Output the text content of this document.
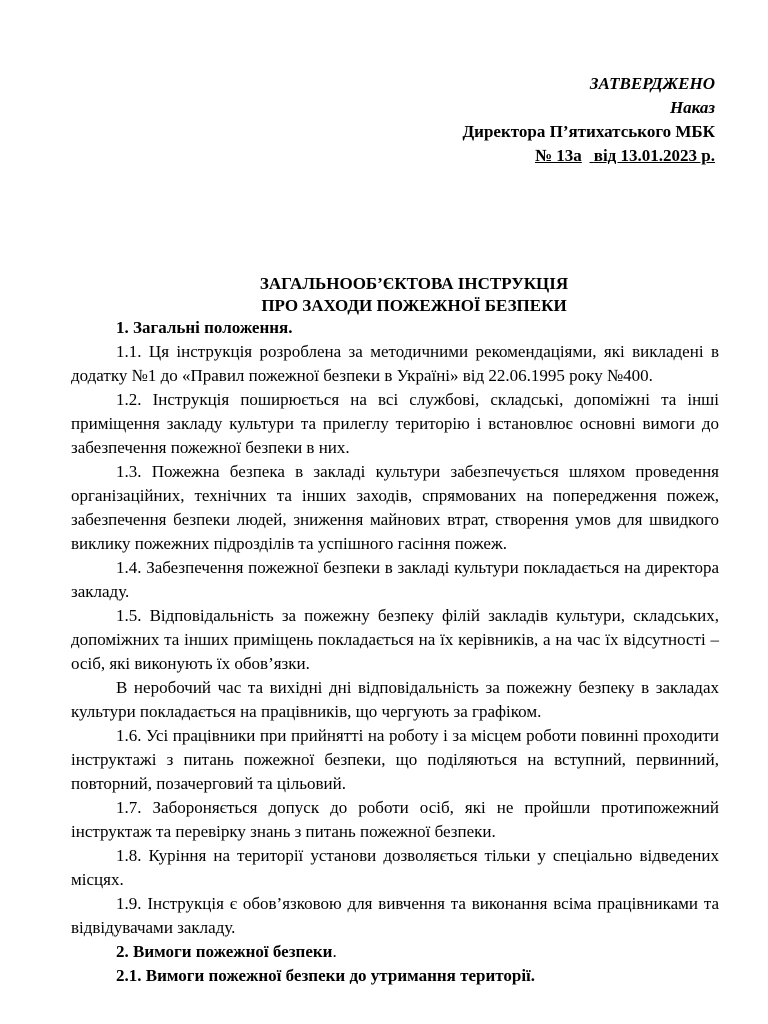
ЗАТВЕРДЖЕНО
Наказ
Директора П’ятихатського МБК
№ 13а від 13.01.2023 р.
ЗАГАЛЬНООБ’ЄКТОВА ІНСТРУКЦІЯ
ПРО ЗАХОДИ ПОЖЕЖНОЇ БЕЗПЕКИ

1. Загальні положення.

1.1. Ця інструкція розроблена за методичними рекомендаціями, які викладені в додатку №1 до «Правил пожежної безпеки в Україні» від 22.06.1995 року №400.

1.2. Інструкція поширюється на всі службові, складські, допоміжні та інші приміщення закладу культури та прилеглу територію і встановлює основні вимоги до забезпечення пожежної безпеки в них.

1.3. Пожежна безпека в закладі культури забезпечується шляхом проведення організаційних, технічних та інших заходів, спрямованих на попередження пожеж, забезпечення безпеки людей, зниження майнових втрат, створення умов для швидкого виклику пожежних підрозділів та успішного гасіння пожеж.

1.4. Забезпечення пожежної безпеки в закладі культури покладається на директора закладу.

1.5. Відповідальність за пожежну безпеку філій закладів культури, складських, допоміжних та інших приміщень покладається на їх керівників, а на час їх відсутності – осіб, які виконують їх обов’язки.

В неробочий час та вихідні дні відповідальність за пожежну безпеку в закладах культури покладається на працівників, що чергують за графіком.

1.6. Усі працівники при прийнятті на роботу і за місцем роботи повинні проходити інструктажі з питань пожежної безпеки, що поділяються на вступний, первинний, повторний, позачерговий та цільовий.

1.7. Забороняється допуск до роботи осіб, які не пройшли протипожежний інструктаж та перевірку знань з питань пожежної безпеки.

1.8. Куріння на території установи дозволяється тільки у спеціально відведених місцях.

1.9. Інструкція є обов’язковою для вивчення та виконання всіма працівниками та відвідувачами закладу.

2. Вимоги пожежної безпеки.

2.1. Вимоги пожежної безпеки до утримання території.
